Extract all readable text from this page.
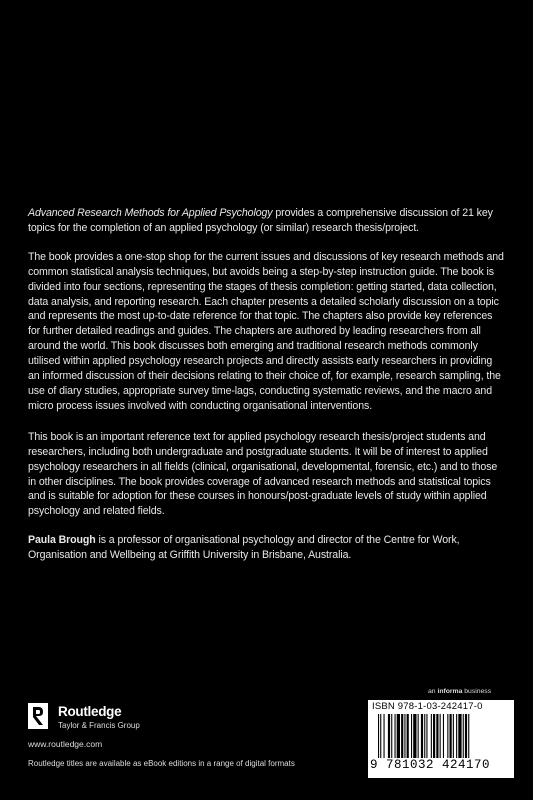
Advanced Research Methods for Applied Psychology provides a comprehensive discussion of 21 key topics for the completion of an applied psychology (or similar) research thesis/project.

The book provides a one-stop shop for the current issues and discussions of key research methods and common statistical analysis techniques, but avoids being a step-by-step instruction guide. The book is divided into four sections, representing the stages of thesis completion: getting started, data collection, data analysis, and reporting research. Each chapter presents a detailed scholarly discussion on a topic and represents the most up-to-date reference for that topic. The chapters also provide key references for further detailed readings and guides. The chapters are authored by leading researchers from all around the world. This book discusses both emerging and traditional research methods commonly utilised within applied psychology research projects and directly assists early researchers in providing an informed discussion of their decisions relating to their choice of, for example, research sampling, the use of diary studies, appropriate survey time-lags, conducting systematic reviews, and the macro and micro process issues involved with conducting organisational interventions.

This book is an important reference text for applied psychology research thesis/project students and researchers, including both undergraduate and postgraduate students. It will be of interest to applied psychology researchers in all fields (clinical, organisational, developmental, forensic, etc.) and to those in other disciplines. The book provides coverage of advanced research methods and statistical topics and is suitable for adoption for these courses in honours/post-graduate levels of study within applied psychology and related fields.

Paula Brough is a professor of organisational psychology and director of the Centre for Work, Organisation and Wellbeing at Griffith University in Brisbane, Australia.

Routledge
Taylor & Francis Group
www.routledge.com
Routledge titles are available as eBook editions in a range of digital formats
an informa business
ISBN 978-1-03-242417-0
9 781032 424170
